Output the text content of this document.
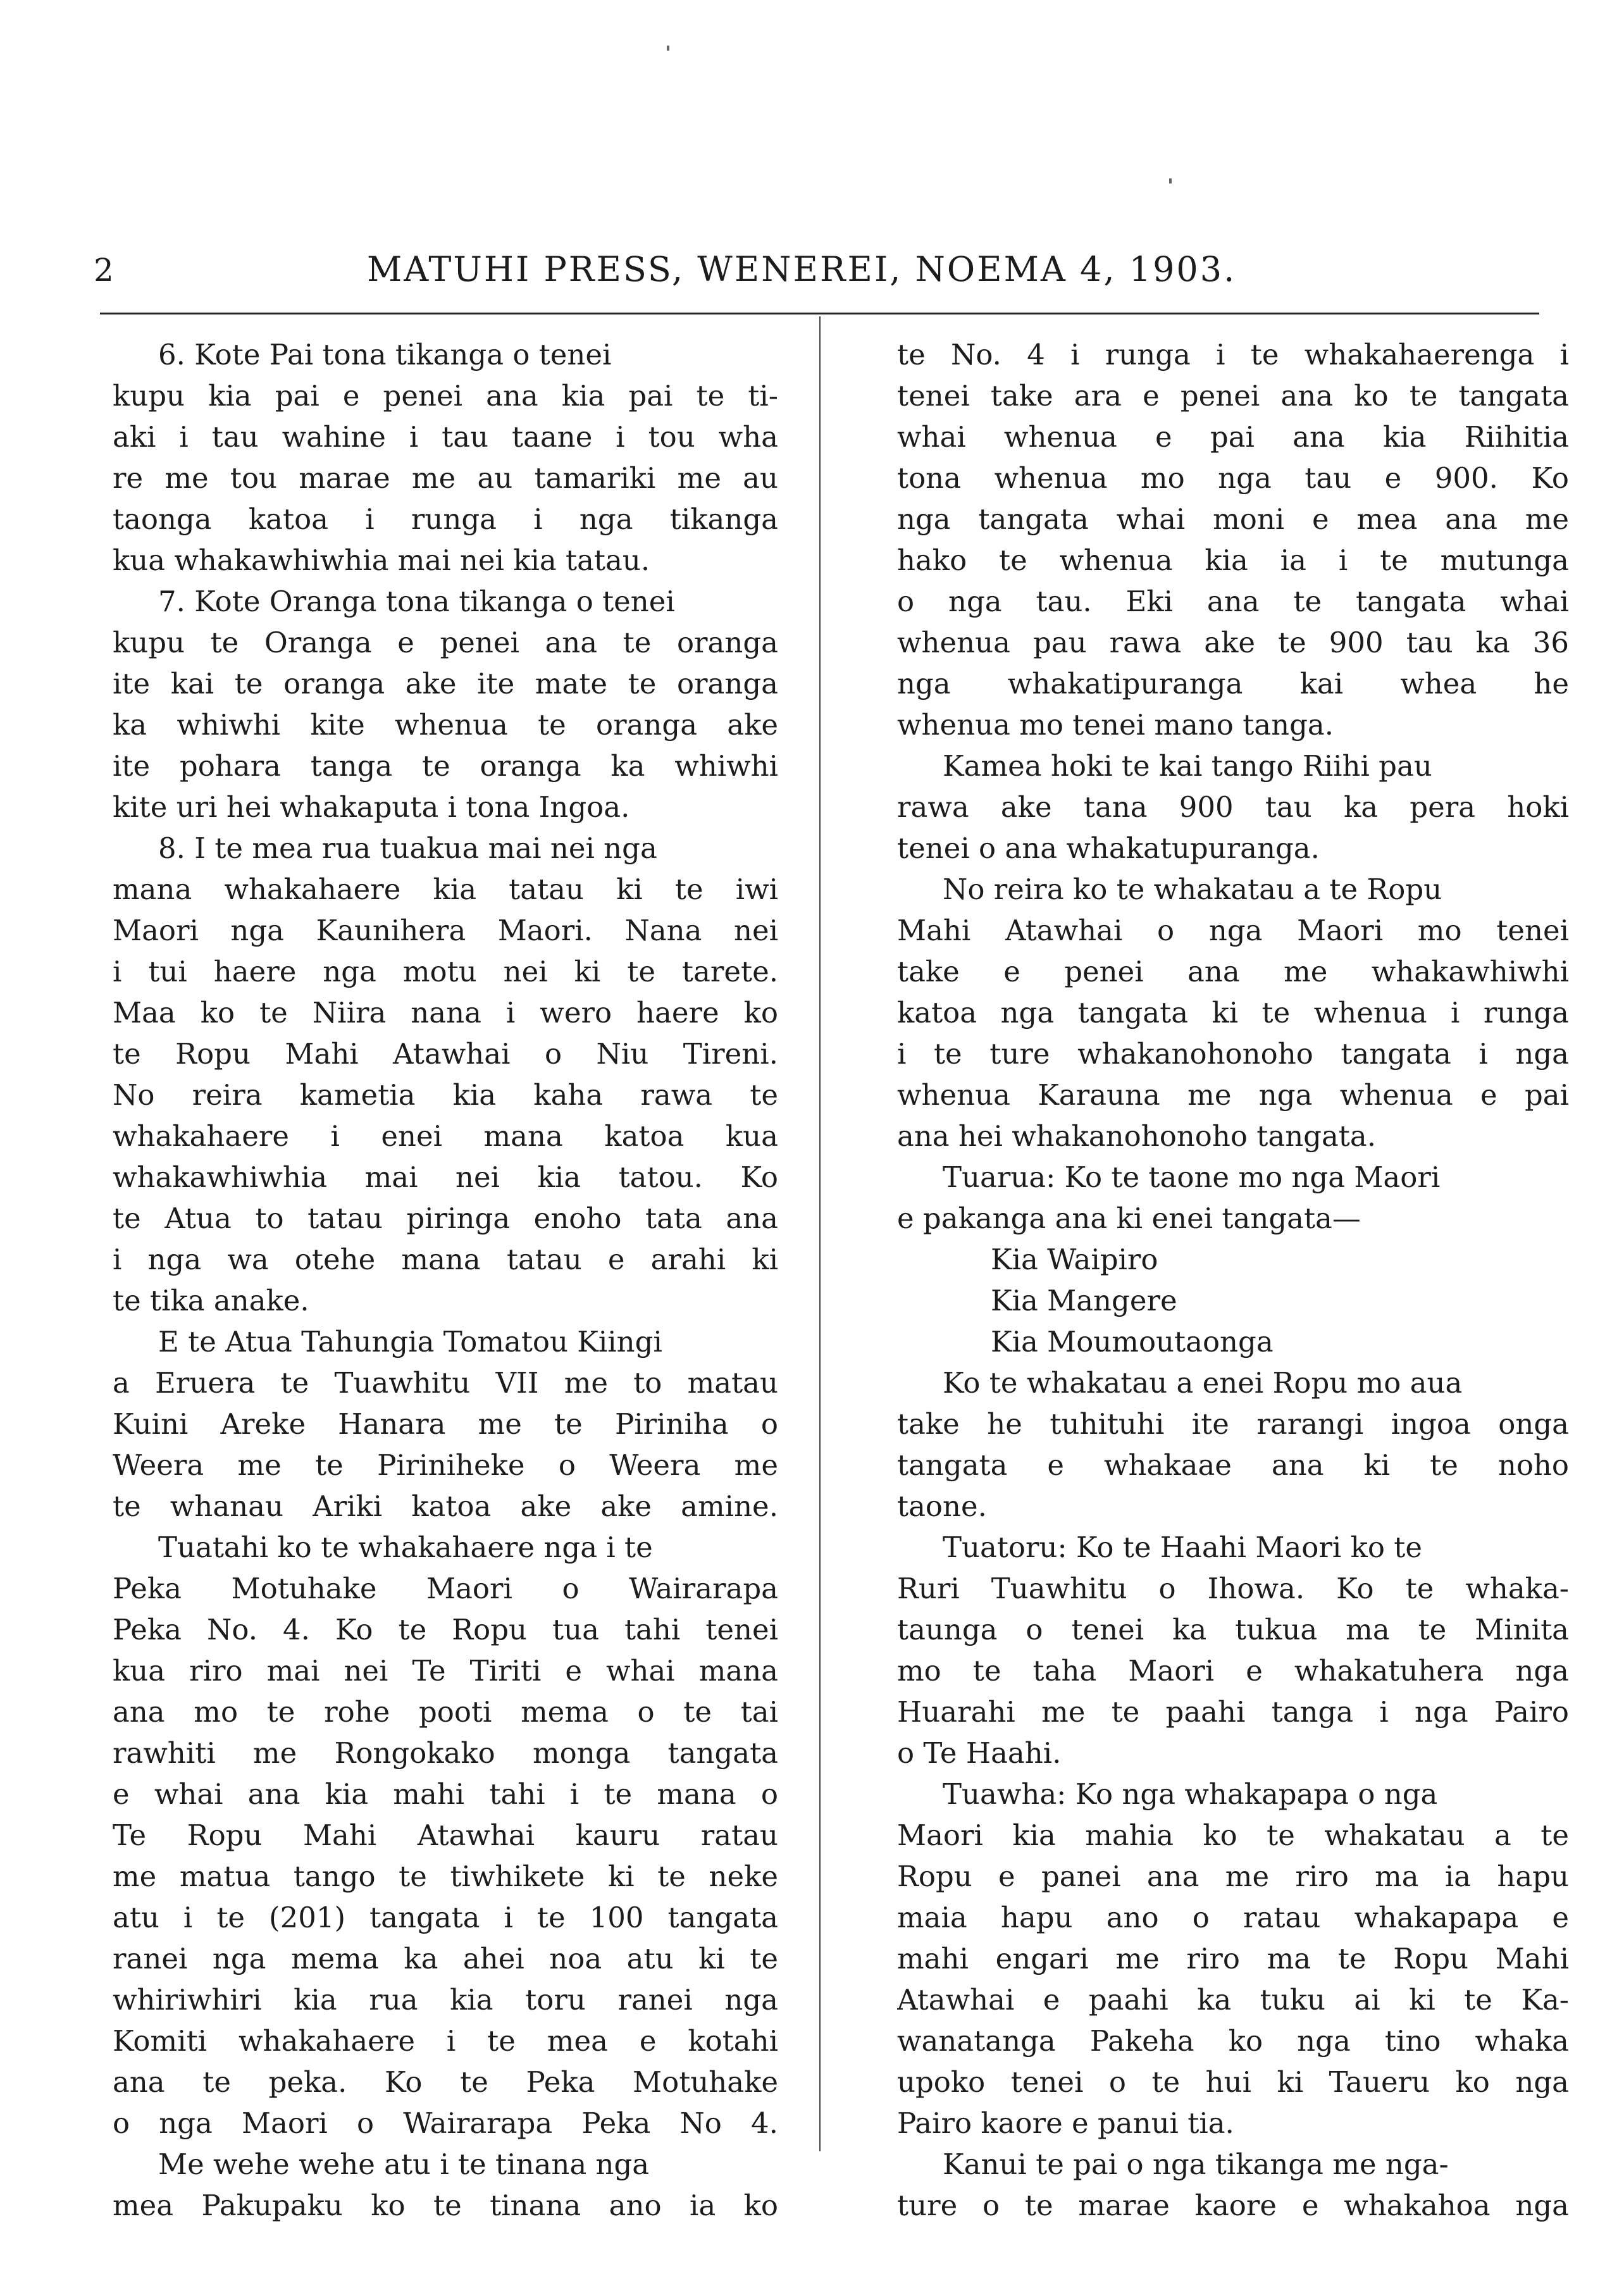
2	MATUHI PRESS, WENEREI, NOEMA 4, 1903.
6. Kote Pai tona tikanga o tenei
kupu kia pai e penei ana kia pai te ti-
aki i tau wahine i tau taane i tou wha
re me tou marae me au tamariki me au
taonga katoa i runga i nga tikanga
kua whakawhiwhia mai nei kia tatau.
7. Kote Oranga tona tikanga o tenei
kupu te Oranga e penei ana te oranga
ite kai te oranga ake ite mate te oranga
ka whiwhi kite whenua te oranga ake
ite pohara tanga te oranga ka whiwhi
kite uri hei whakaputa i tona Ingoa.
8. I te mea rua tuakua mai nei nga
mana whakahaere kia tatau ki te iwi
Maori nga Kaunihera Maori. Nana nei
i tui haere nga motu nei ki te tarete.
Maa ko te Niira nana i wero haere ko
te Ropu Mahi Atawhai o Niu Tireni.
No reira kametia kia kaha rawa te
whakahaere i enei mana katoa kua
whakawhiwhia mai nei kia tatou. Ko
te Atua to tatau piringa enoho tata ana
i nga wa otehe mana tatau e arahi ki
te tika anake.
E te Atua Tahungia Tomatou Kiingi
a Eruera te Tuawhitu VII me to matau
Kuini Areke Hanara me te Piriniha o
Weera me te Piriniheke o Weera me
te whanau Ariki katoa ake ake amine.
Tuatahi ko te whakahaere nga i te
Peka Motuhake Maori o Wairarapa
Peka No. 4. Ko te Ropu tua tahi tenei
kua riro mai nei Te Tiriti e whai mana
ana mo te rohe pooti mema o te tai
rawhiti me Rongokako monga tangata
e whai ana kia mahi tahi i te mana o
Te Ropu Mahi Atawhai kauru ratau
me matua tango te tiwhikete ki te neke
atu i te (201) tangata i te 100 tangata
ranei nga mema ka ahei noa atu ki te
whiriwhiri kia rua kia toru ranei nga
Komiti whakahaere i te mea e kotahi
ana te peka. Ko te Peka Motuhake
o nga Maori o Wairarapa Peka No 4.
Me wehe wehe atu i te tinana nga
mea Pakupaku ko te tinana ano ia ko
te No. 4 i runga i te whakahaerenga i
tenei take ara e penei ana ko te tangata
whai whenua e pai ana kia Riihitia
tona whenua mo nga tau e 900. Ko
nga tangata whai moni e mea ana me
hako te whenua kia ia i te mutunga
o nga tau. Eki ana te tangata whai
whenua pau rawa ake te 900 tau ka 36
nga whakatipuranga kai whea he
whenua mo tenei mano tanga.
Kamea hoki te kai tango Riihi pau
rawa ake tana 900 tau ka pera hoki
tenei o ana whakatupuranga.
No reira ko te whakatau a te Ropu
Mahi Atawhai o nga Maori mo tenei
take e penei ana me whakawhiwhi
katoa nga tangata ki te whenua i runga
i te ture whakanohonoho tangata i nga
whenua Karauna me nga whenua e pai
ana hei whakanohonoho tangata.
Tuarua: Ko te taone mo nga Maori
e pakanga ana ki enei tangata—
Kia Waipiro
Kia Mangere
Kia Moumoutaonga
Ko te whakatau a enei Ropu mo aua
take he tuhituhi ite rarangi ingoa onga
tangata e whakaae ana ki te noho
taone.
Tuatoru: Ko te Haahi Maori ko te
Ruri Tuawhitu o Ihowa. Ko te whaka-
taunga o tenei ka tukua ma te Minita
mo te taha Maori e whakatuhera nga
Huarahi me te paahi tanga i nga Pairo
o Te Haahi.
Tuawha: Ko nga whakapapa o nga
Maori kia mahia ko te whakatau a te
Ropu e panei ana me riro ma ia hapu
maia hapu ano o ratau whakapapa e
mahi engari me riro ma te Ropu Mahi
Atawhai e paahi ka tuku ai ki te Ka-
wanatanga Pakeha ko nga tino whaka
upoko tenei o te hui ki Taueru ko nga
Pairo kaore e panui tia.
Kanui te pai o nga tikanga me nga-
ture o te marae kaore e whakahoa nga
